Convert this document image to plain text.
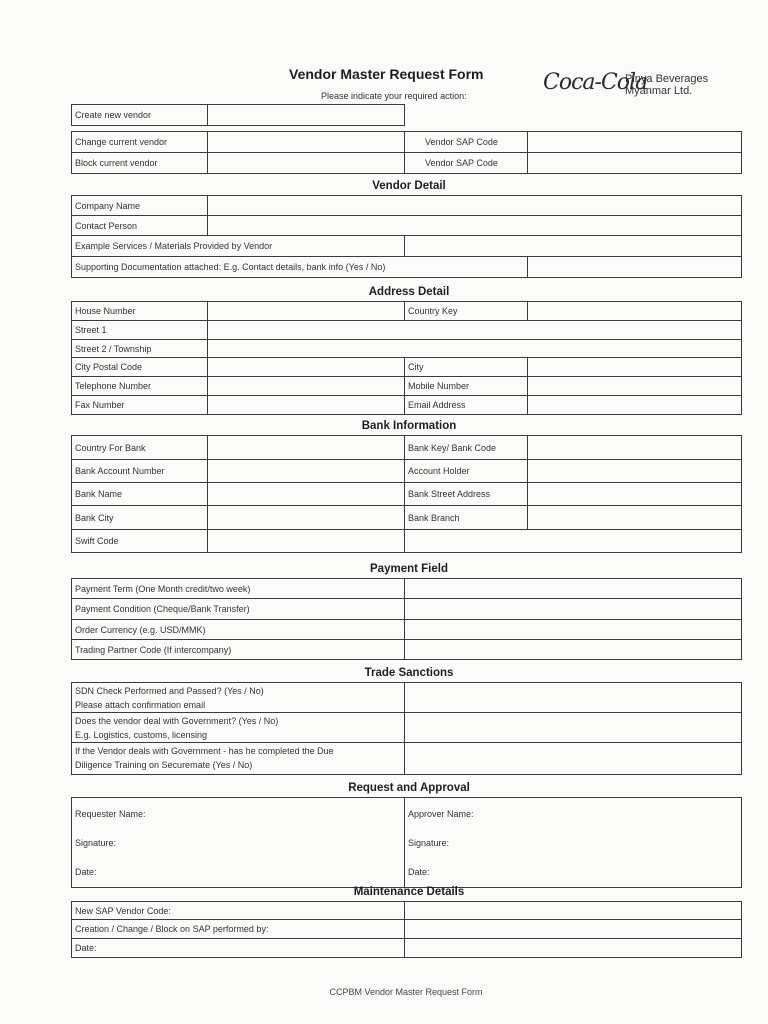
Vendor Master Request Form
Please indicate your required action:
Coca-Cola
Pinya Beverages
Myanmar Ltd.
Create new vendor			

Change current vendor		Vendor SAP Code	
Block current vendor		Vendor SAP Code	
Vendor Detail
Company Name			
Contact Person			
Example Services / Materials Provided by Vendor			
Supporting Documentation attached: E.g. Contact details, bank info (Yes / No)			
Address Detail
House Number		Country Key	
Street 1			
Street 2 / Township			
City Postal Code		City	
Telephone Number		Mobile Number	
Fax Number		Email Address	
Bank Information
Country For Bank		Bank Key/ Bank Code	
Bank Account Number		Account Holder	
Bank Name		Bank Street Address	
Bank City		Bank Branch	
Swift Code			
Payment Field
Payment Term (One Month credit/two week)	
Payment Condition (Cheque/Bank Transfer)	
Order Currency (e.g. USD/MMK)	
Trading Partner Code (If intercompany)	
Trade Sanctions
SDN Check Performed and Passed? (Yes / No)
Please attach confirmation email	

Does the vendor deal with Government? (Yes / No)
E.g. Logistics, customs, licensing	

If the Vendor deals with Government - has he completed the Due
Diligence Training on Securemate (Yes / No)	

Request and Approval
Requester Name:
Signature:
Date:

Approver Name:
Signature:
Date:
Maintenance Details
New SAP Vendor Code:	
Creation / Change / Block on SAP performed by:	
Date:	
CCPBM Vendor Master Request Form
